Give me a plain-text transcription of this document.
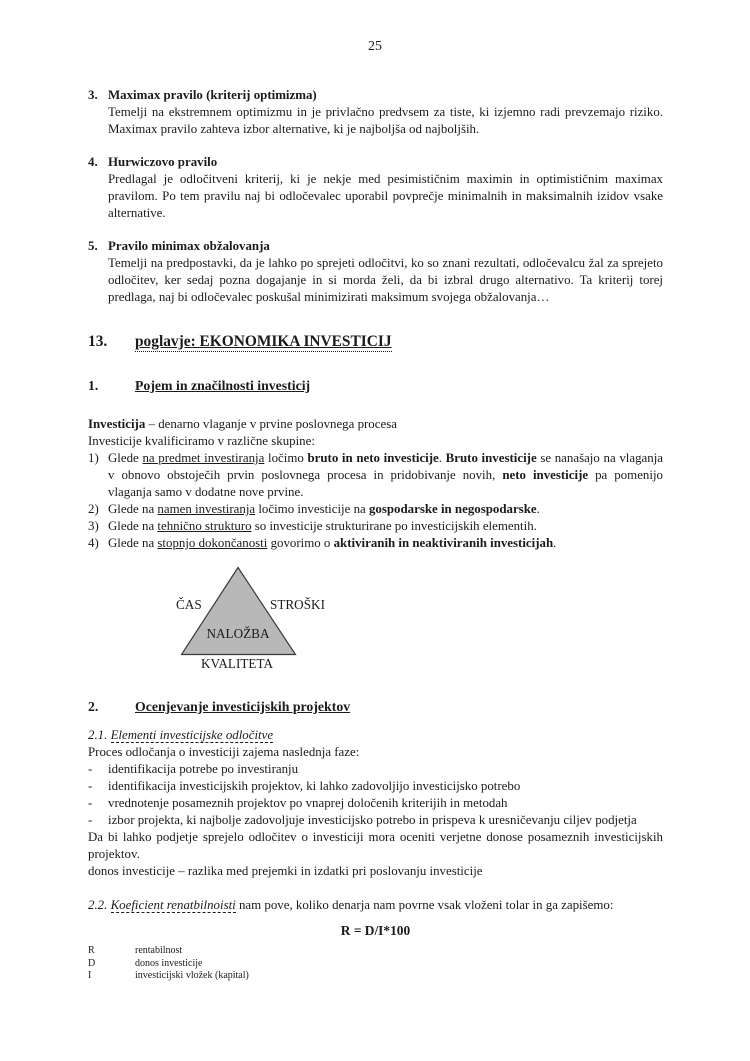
25
3. Maximax pravilo (kriterij optimizma)
Temelji na ekstremnem optimizmu in je privlačno predvsem za tiste, ki izjemno radi prevzemajo riziko. Maximax pravilo zahteva izbor alternative, ki je najboljša od najboljših.
4. Hurwiczovo pravilo
Predlagal je odločitveni kriterij, ki je nekje med pesimističnim maximin in optimističnim maximax pravilom. Po tem pravilu naj bi odločevalec uporabil povprečje minimalnih in maksimalnih izidov vsake alternative.
5. Pravilo minimax obžalovanja
Temelji na predpostavki, da je lahko po sprejeti odločitvi, ko so znani rezultati, odločevalcu žal za sprejeto odločitev, ker sedaj pozna dogajanje in si morda želi, da bi izbral drugo alternativo. Ta kriterij torej predlaga, naj bi odločevalec poskušal minimizirati maksimum svojega obžalovanja…
13. poglavje: EKONOMIKA INVESTICIJ
1.	Pojem in značilnosti investicij
Investicija – denarno vlaganje v prvine poslovnega procesa
Investicije kvalificiramo v različne skupine:
1) Glede na predmet investiranja ločimo bruto in neto investicije. Bruto investicije se nanašajo na vlaganja v obnovo obstoječih prvin poslovnega procesa in pridobivanje novih, neto investicije pa pomenijo vlaganja samo v dodatne nove prvine.
2) Glede na namen investiranja ločimo investicije na gospodarske in negospodarske.
3) Glede na tehnično strukturo so investicije strukturirane po investicijskih elementih.
4) Glede na stopnjo dokončanosti govorimo o aktiviranih in neaktiviranih investicijah.
ČAS	STROŠKI
NALOŽBA
KVALITETA
2.	Ocenjevanje investicijskih projektov
2.1. Elementi investicijske odločitve
Proces odločanja o investiciji zajema naslednja faze:
- identifikacija potrebe po investiranju
- identifikacija investicijskih projektov, ki lahko zadovoljijo investicijsko potrebo
- vrednotenje posameznih projektov po vnaprej določenih kriterijih in metodah
- izbor projekta, ki najbolje zadovoljuje investicijsko potrebo in prispeva k uresničevanju ciljev podjetja
Da bi lahko podjetje sprejelo odločitev o investiciji mora oceniti verjetne donose posameznih investicijskih projektov.
donos investicije – razlika med prejemki in izdatki pri poslovanju investicije
2.2. Koeficient renatbilnoisti nam pove, koliko denarja nam povrne vsak vloženi tolar in ga zapišemo:
R = D/I*100
R	rentabilnost
D	donos investicije
I	investicijski vložek (kapital)
